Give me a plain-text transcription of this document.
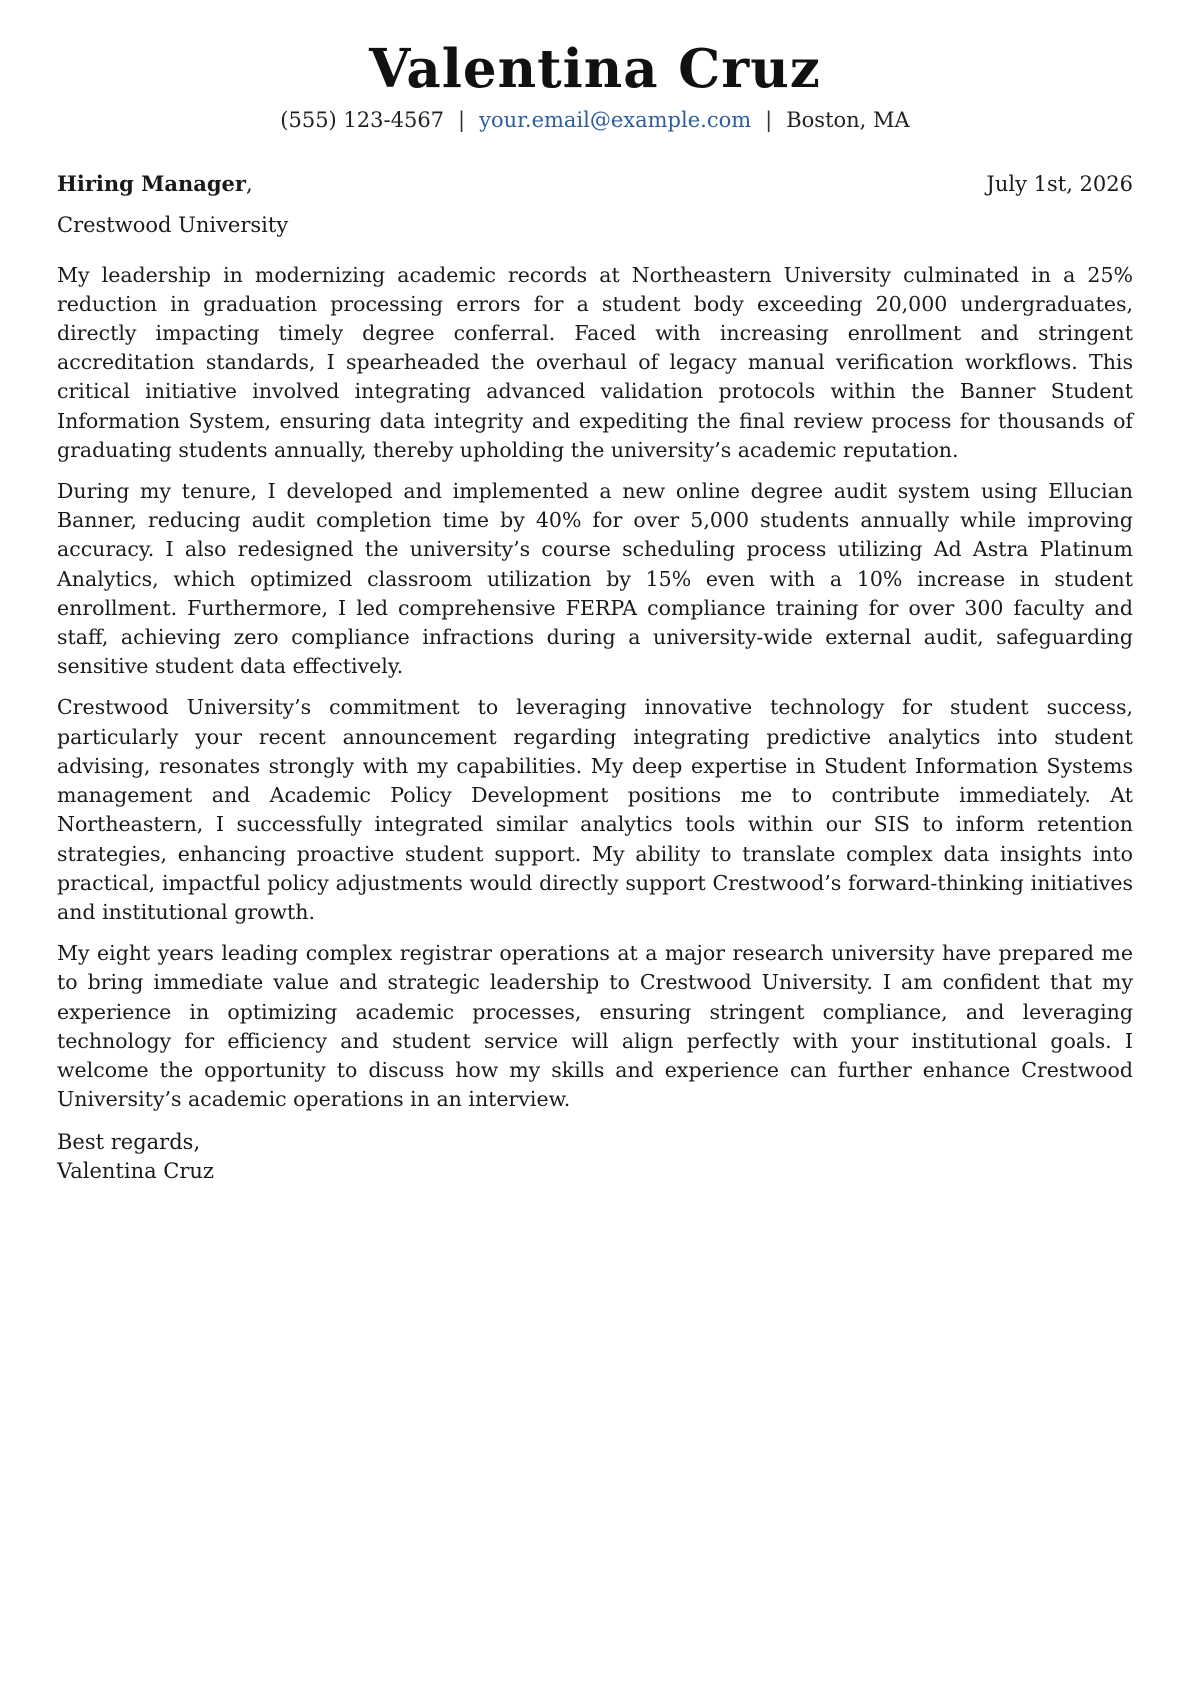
Valentina Cruz
(555) 123-4567 | your.email@example.com | Boston, MA
Hiring Manager,	July 1st, 2026
Crestwood University

My leadership in modernizing academic records at Northeastern University culminated in a 25% reduction in graduation processing errors for a student body exceeding 20,000 undergraduates, directly impacting timely degree conferral. Faced with increasing enrollment and stringent accreditation standards, I spearheaded the overhaul of legacy manual verification workflows. This critical initiative involved integrating advanced validation protocols within the Banner Student Information System, ensuring data integrity and expediting the final review process for thousands of graduating students annually, thereby upholding the university’s academic reputation.

During my tenure, I developed and implemented a new online degree audit system using Ellucian Banner, reducing audit completion time by 40% for over 5,000 students annually while improving accuracy. I also redesigned the university’s course scheduling process utilizing Ad Astra Platinum Analytics, which optimized classroom utilization by 15% even with a 10% increase in student enrollment. Furthermore, I led comprehensive FERPA compliance training for over 300 faculty and staff, achieving zero compliance infractions during a university-wide external audit, safeguarding sensitive student data effectively.

Crestwood University’s commitment to leveraging innovative technology for student success, particularly your recent announcement regarding integrating predictive analytics into student advising, resonates strongly with my capabilities. My deep expertise in Student Information Systems management and Academic Policy Development positions me to contribute immediately. At Northeastern, I successfully integrated similar analytics tools within our SIS to inform retention strategies, enhancing proactive student support. My ability to translate complex data insights into practical, impactful policy adjustments would directly support Crestwood’s forward-thinking initiatives and institutional growth.

My eight years leading complex registrar operations at a major research university have prepared me to bring immediate value and strategic leadership to Crestwood University. I am confident that my experience in optimizing academic processes, ensuring stringent compliance, and leveraging technology for efficiency and student service will align perfectly with your institutional goals. I welcome the opportunity to discuss how my skills and experience can further enhance Crestwood University’s academic operations in an interview.

Best regards,
Valentina Cruz
